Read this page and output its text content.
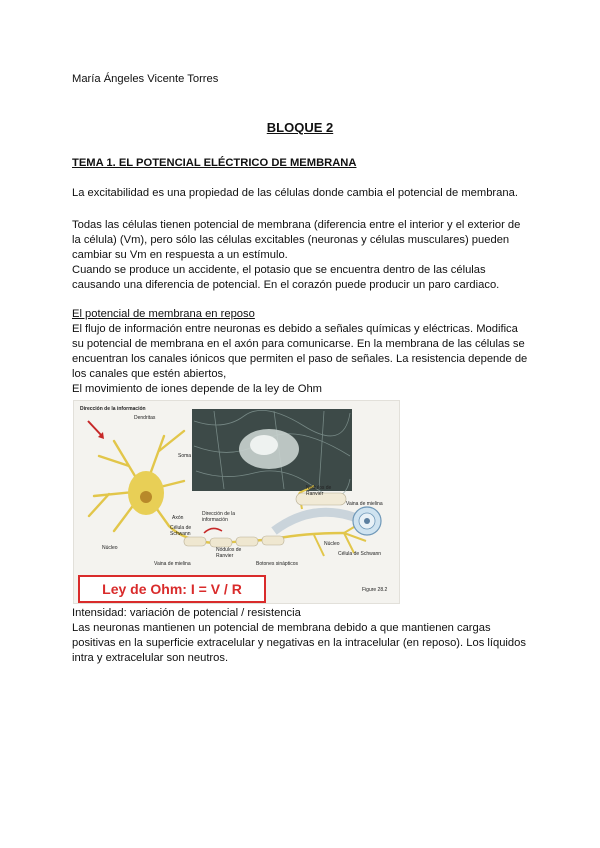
María Ángeles Vicente Torres
BLOQUE 2
TEMA 1. EL POTENCIAL ELÉCTRICO DE MEMBRANA
La excitabilidad es una propiedad de las células donde cambia el potencial de membrana.
Todas las células tienen potencial de membrana (diferencia entre el interior y el exterior de la célula) (Vm), pero sólo las células excitables (neuronas y células musculares) pueden cambiar su Vm en respuesta a un estímulo.
Cuando se produce un accidente, el potasio que se encuentra dentro de las células causando una diferencia de potencial. En el corazón puede producir un paro cardiaco.
El potencial de membrana en reposo
El flujo de información entre neuronas es debido a señales químicas y eléctricas. Modifica su potencial de membrana en el axón para comunicarse. En la membrana de las células se encuentran los canales iónicos que permiten el paso de señales. La resistencia depende de los canales que estén abiertos,
El movimiento de iones depende de la ley de Ohm
Dirección de la información
Dendritas
Soma
Axón
Núcleo
Célula de Schwann
Dirección de la información
Nódulos de Ranvier
Vaina de mielina	Botones sinápticos
Nódulos de Ranvier
Vaina de mielina
Núcleo
Célula de Schwann
Figure 28.2
Ley de Ohm: I = V / R
Intensidad: variación de potencial / resistencia
Las neuronas mantienen un potencial de membrana debido a que mantienen cargas positivas en la superficie extracelular y negativas en la intracelular (en reposo). Los líquidos intra y extracelular son neutros.
